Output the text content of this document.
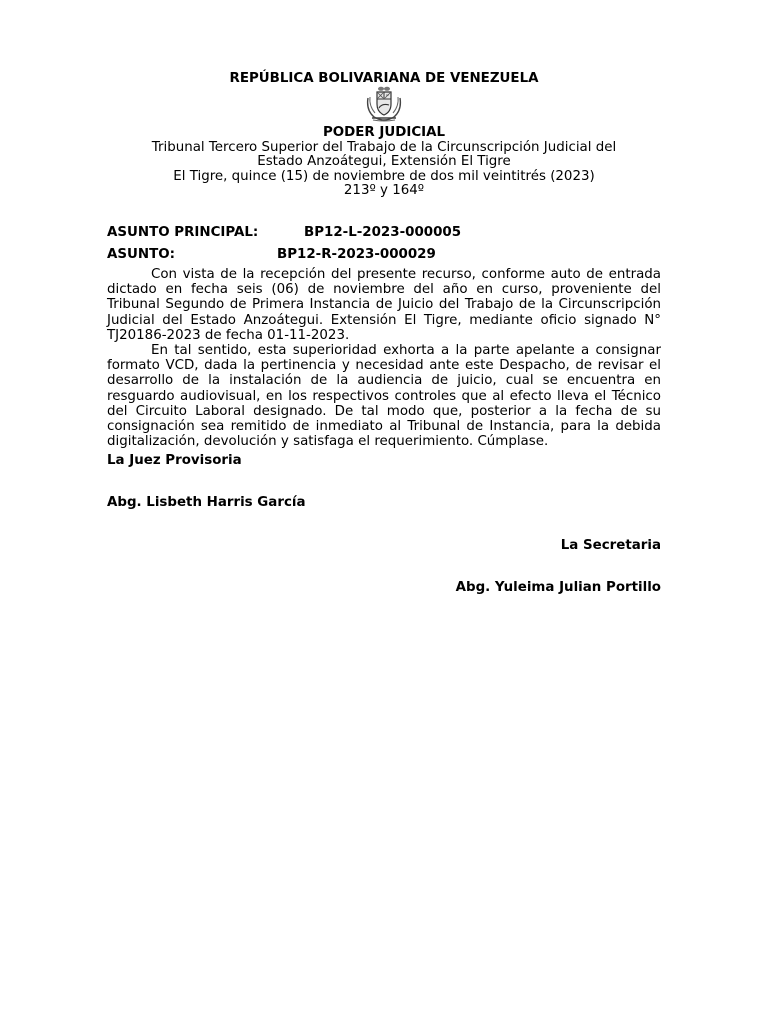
REPÚBLICA BOLIVARIANA DE VENEZUELA
PODER JUDICIAL
Tribunal Tercero Superior del Trabajo de la Circunscripción Judicial del
Estado Anzoátegui, Extensión El Tigre
El Tigre, quince (15) de noviembre de dos mil veintitrés (2023)
213º y 164º
ASUNTO PRINCIPAL:	BP12-L-2023-000005
ASUNTO:	BP12-R-2023-000029

Con vista de la recepción del presente recurso, conforme auto de entrada dictado en fecha seis (06) de noviembre del año en curso, proveniente del Tribunal Segundo de Primera Instancia de Juicio del Trabajo de la Circunscripción Judicial del Estado Anzoátegui. Extensión El Tigre, mediante oficio signado N° TJ20186-2023 de fecha 01-11-2023.

En tal sentido, esta superioridad exhorta a la parte apelante a consignar formato VCD, dada la pertinencia y necesidad ante este Despacho, de revisar el desarrollo de la instalación de la audiencia de juicio, cual se encuentra en resguardo audiovisual, en los respectivos controles que al efecto lleva el Técnico del Circuito Laboral designado. De tal modo que, posterior a la fecha de su consignación sea remitido de inmediato al Tribunal de Instancia, para la debida digitalización, devolución y satisfaga el requerimiento. Cúmplase.

La Juez Provisoria
Abg. Lisbeth Harris García
La Secretaria
Abg. Yuleima Julian Portillo
